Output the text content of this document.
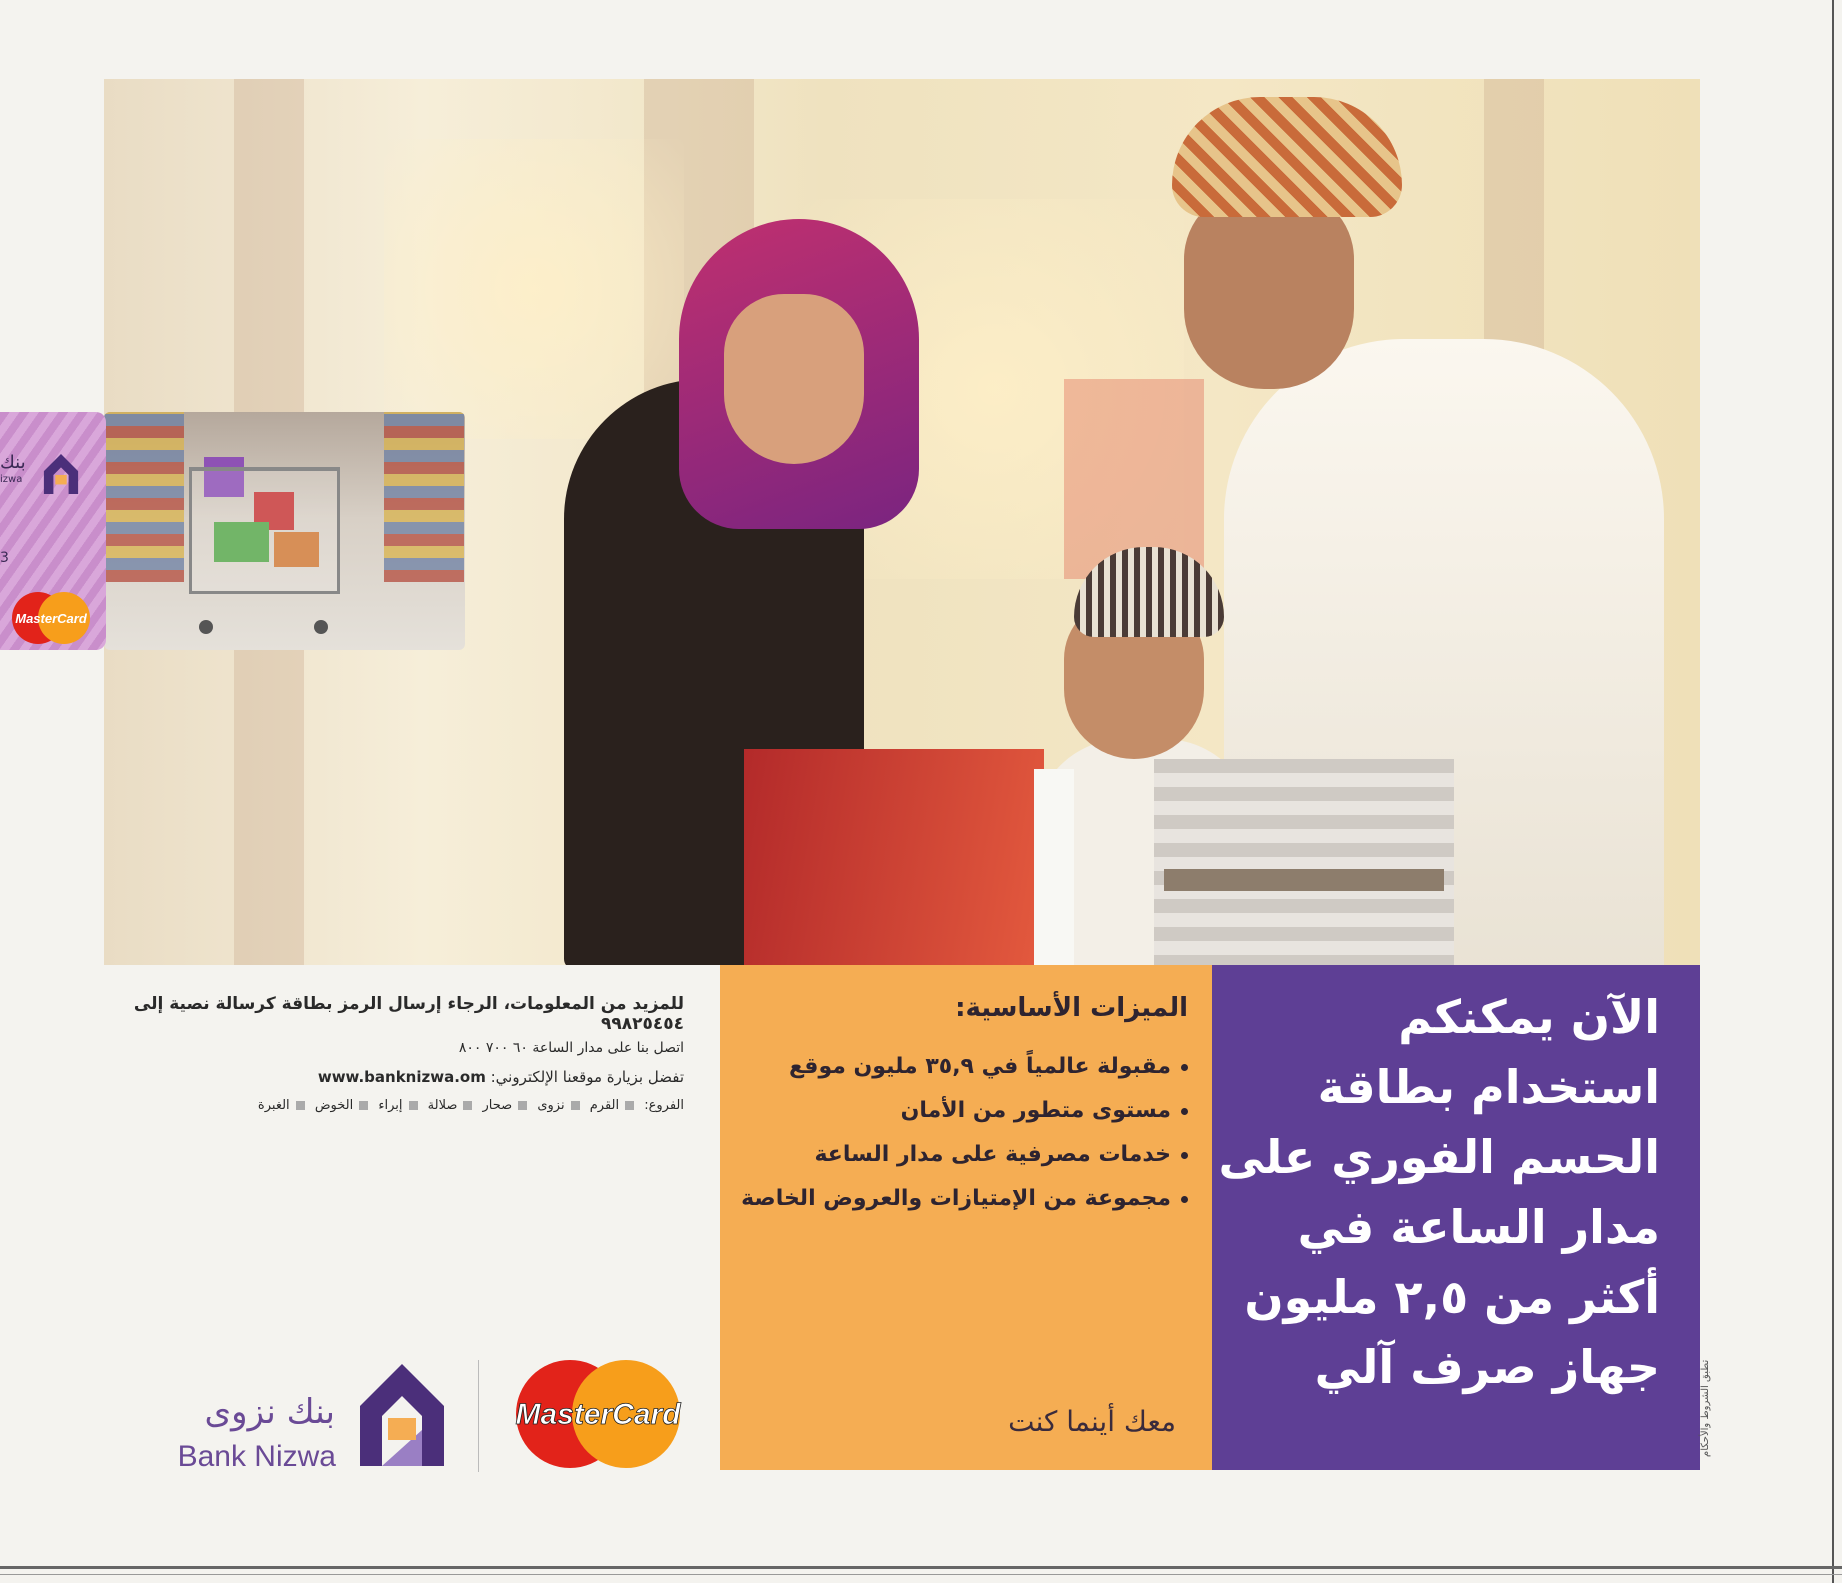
بنك
izwa
3
MasterCard
الميزات الأساسية:
مقبولة عالمياً في ٣٥,٩ مليون موقع
مستوى متطور من الأمان
خدمات مصرفية على مدار الساعة
مجموعة من الإمتيازات والعروض الخاصة
معك أينما كنت
الآن يمكنكم
استخدام بطاقة
الحسم الفوري على
مدار الساعة في
أكثر من ٢,٥ مليون
جهاز صرف آلي
للمزيد من المعلومات، الرجاء إرسال الرمز بطاقة كرسالة نصية إلى ٩٩٨٢٥٤٥٤
اتصل بنا على مدار الساعة ٦٠ ٧٠٠ ٨٠٠
تفضل بزيارة موقعنا الإلكتروني: www.banknizwa.om
الفروع: القرم نزوى صحار صلالة إبراء الخوض الغبرة
بنك نزوى
Bank Nizwa
MasterCard	تطبق الشروط والأحكام
